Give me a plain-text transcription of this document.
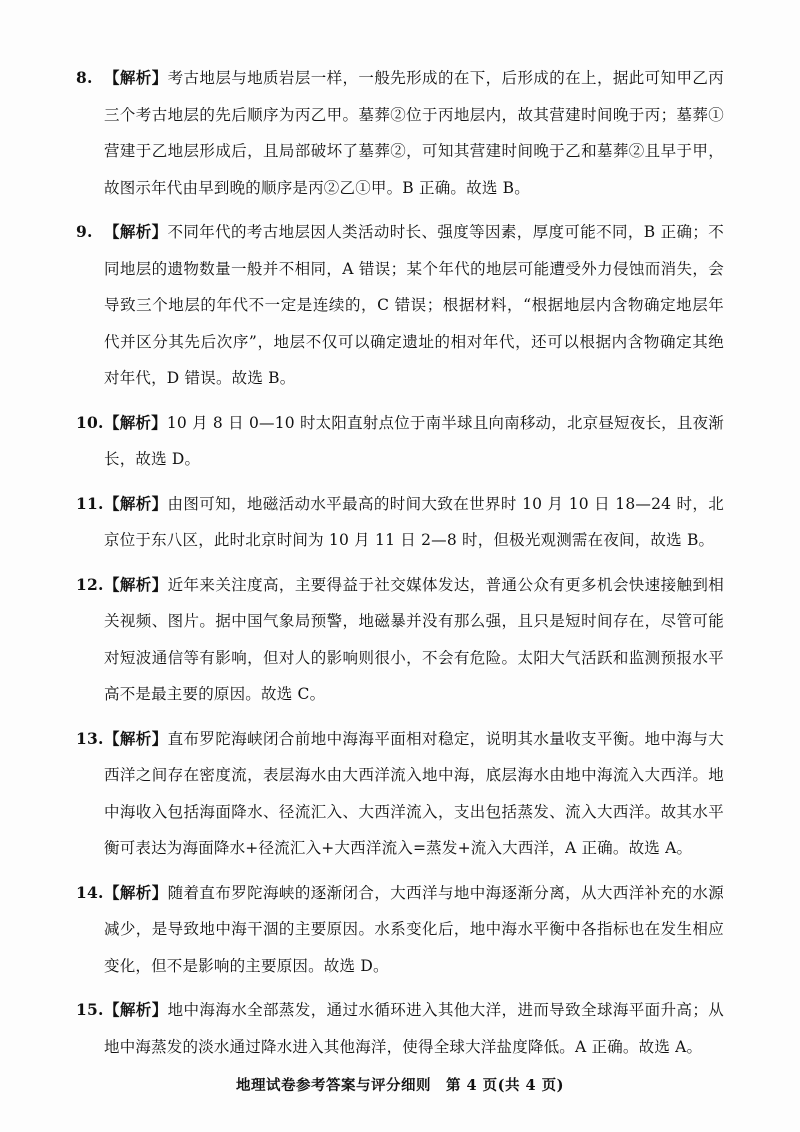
8. 【解析】考古地层与地质岩层一样，一般先形成的在下，后形成的在上，据此可知甲乙丙三个考古地层的先后顺序为丙乙甲。墓葬②位于丙地层内，故其营建时间晚于丙；墓葬①营建于乙地层形成后，且局部破坏了墓葬②，可知其营建时间晚于乙和墓葬②且早于甲，故图示年代由早到晚的顺序是丙②乙①甲。B 正确。故选 B。
9. 【解析】不同年代的考古地层因人类活动时长、强度等因素，厚度可能不同，B 正确；不同地层的遗物数量一般并不相同，A 错误；某个年代的地层可能遭受外力侵蚀而消失，会导致三个地层的年代不一定是连续的，C 错误；根据材料，“根据地层内含物确定地层年代并区分其先后次序”，地层不仅可以确定遗址的相对年代，还可以根据内含物确定其绝对年代，D 错误。故选 B。
10. 【解析】10 月 8 日 0—10 时太阳直射点位于南半球且向南移动，北京昼短夜长，且夜渐长，故选 D。
11. 【解析】由图可知，地磁活动水平最高的时间大致在世界时 10 月 10 日 18—24 时，北京位于东八区，此时北京时间为 10 月 11 日 2—8 时，但极光观测需在夜间，故选 B。
12. 【解析】近年来关注度高，主要得益于社交媒体发达，普通公众有更多机会快速接触到相关视频、图片。据中国气象局预警，地磁暴并没有那么强，且只是短时间存在，尽管可能对短波通信等有影响，但对人的影响则很小，不会有危险。太阳大气活跃和监测预报水平高不是最主要的原因。故选 C。
13. 【解析】直布罗陀海峡闭合前地中海海平面相对稳定，说明其水量收支平衡。地中海与大西洋之间存在密度流，表层海水由大西洋流入地中海，底层海水由地中海流入大西洋。地中海收入包括海面降水、径流汇入、大西洋流入，支出包括蒸发、流入大西洋。故其水平衡可表达为海面降水+径流汇入+大西洋流入=蒸发+流入大西洋，A 正确。故选 A。
14. 【解析】随着直布罗陀海峡的逐渐闭合，大西洋与地中海逐渐分离，从大西洋补充的水源减少，是导致地中海干涸的主要原因。水系变化后，地中海水平衡中各指标也在发生相应变化，但不是影响的主要原因。故选 D。
15. 【解析】地中海海水全部蒸发，通过水循环进入其他大洋，进而导致全球海平面升高；从地中海蒸发的淡水通过降水进入其他海洋，使得全球大洋盐度降低。A 正确。故选 A。
地理试卷参考答案与评分细则　第 4 页(共 4 页)
